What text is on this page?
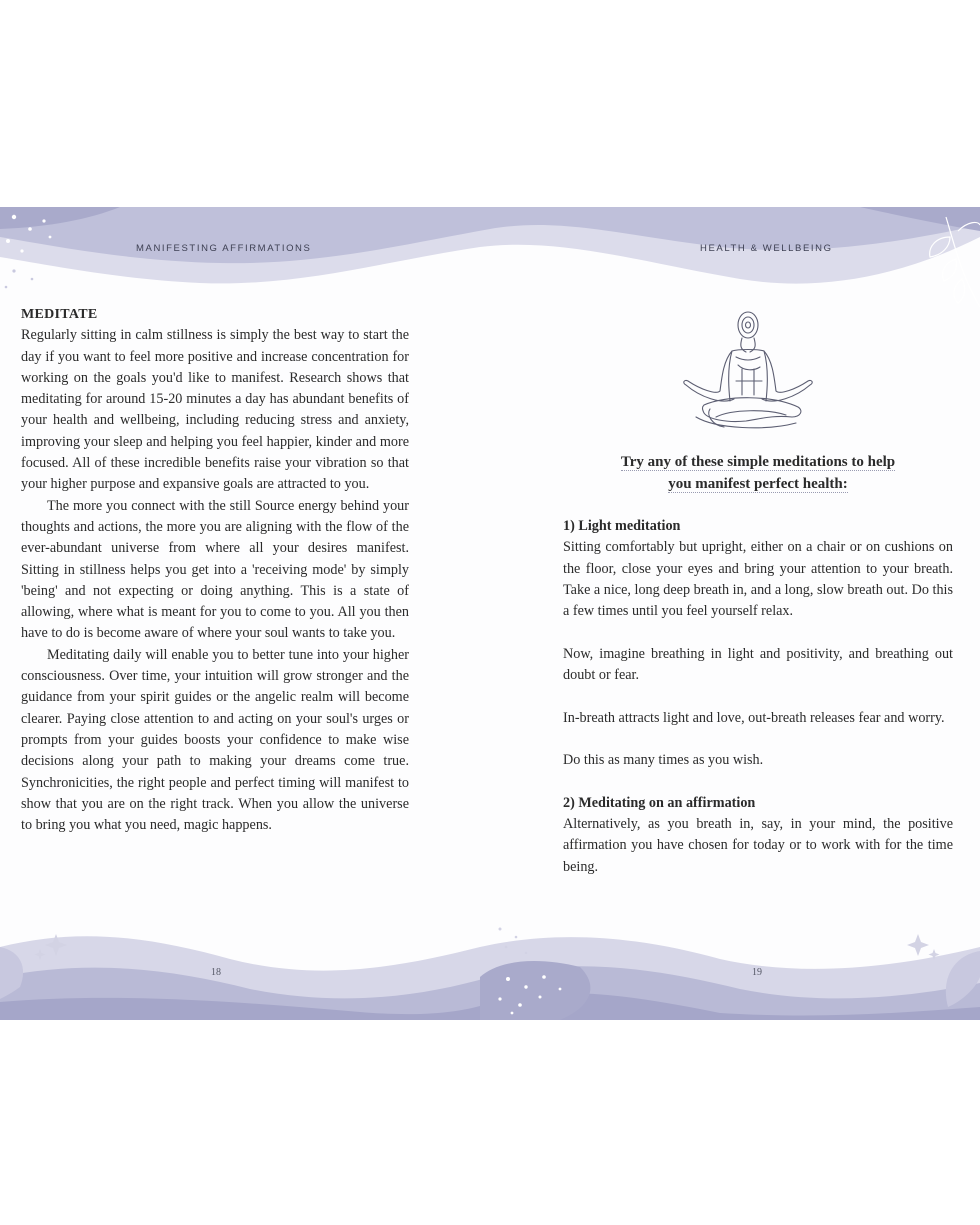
MANIFESTING AFFIRMATIONS	HEALTH & WELLBEING

MEDITATE

Regularly sitting in calm stillness is simply the best way to start the day if you want to feel more positive and increase concentration for working on the goals you'd like to manifest. Research shows that meditating for around 15-20 minutes a day has abundant benefits of your health and wellbeing, including reducing stress and anxiety, improving your sleep and helping you feel happier, kinder and more focused. All of these incredible benefits raise your vibration so that your higher purpose and expansive goals are attracted to you.

The more you connect with the still Source energy behind your thoughts and actions, the more you are aligning with the flow of the ever-abundant universe from where all your desires manifest. Sitting in stillness helps you get into a 'receiving mode' by simply 'being' and not expecting or doing anything. This is a state of allowing, where what is meant for you to come to you. All you then have to do is become aware of where your soul wants to take you.

Meditating daily will enable you to better tune into your higher consciousness. Over time, your intuition will grow stronger and the guidance from your spirit guides or the angelic realm will become clearer. Paying close attention to and acting on your soul's urges or prompts from your guides boosts your confidence to make wise decisions along your path to making your dreams come true. Synchronicities, the right people and perfect timing will manifest to show that you are on the right track. When you allow the universe to bring you what you need, magic happens.

Try any of these simple meditations to help
you manifest perfect health:

1) Light meditation

Sitting comfortably but upright, either on a chair or on cushions on the floor, close your eyes and bring your attention to your breath. Take a nice, long deep breath in, and a long, slow breath out. Do this a few times until you feel yourself relax.

Now, imagine breathing in light and positivity, and breathing out doubt or fear.

In-breath attracts light and love, out-breath releases fear and worry.

Do this as many times as you wish.

2) Meditating on an affirmation

Alternatively, as you breath in, say, in your mind, the positive affirmation you have chosen for today or to work with for the time being.

18	19
